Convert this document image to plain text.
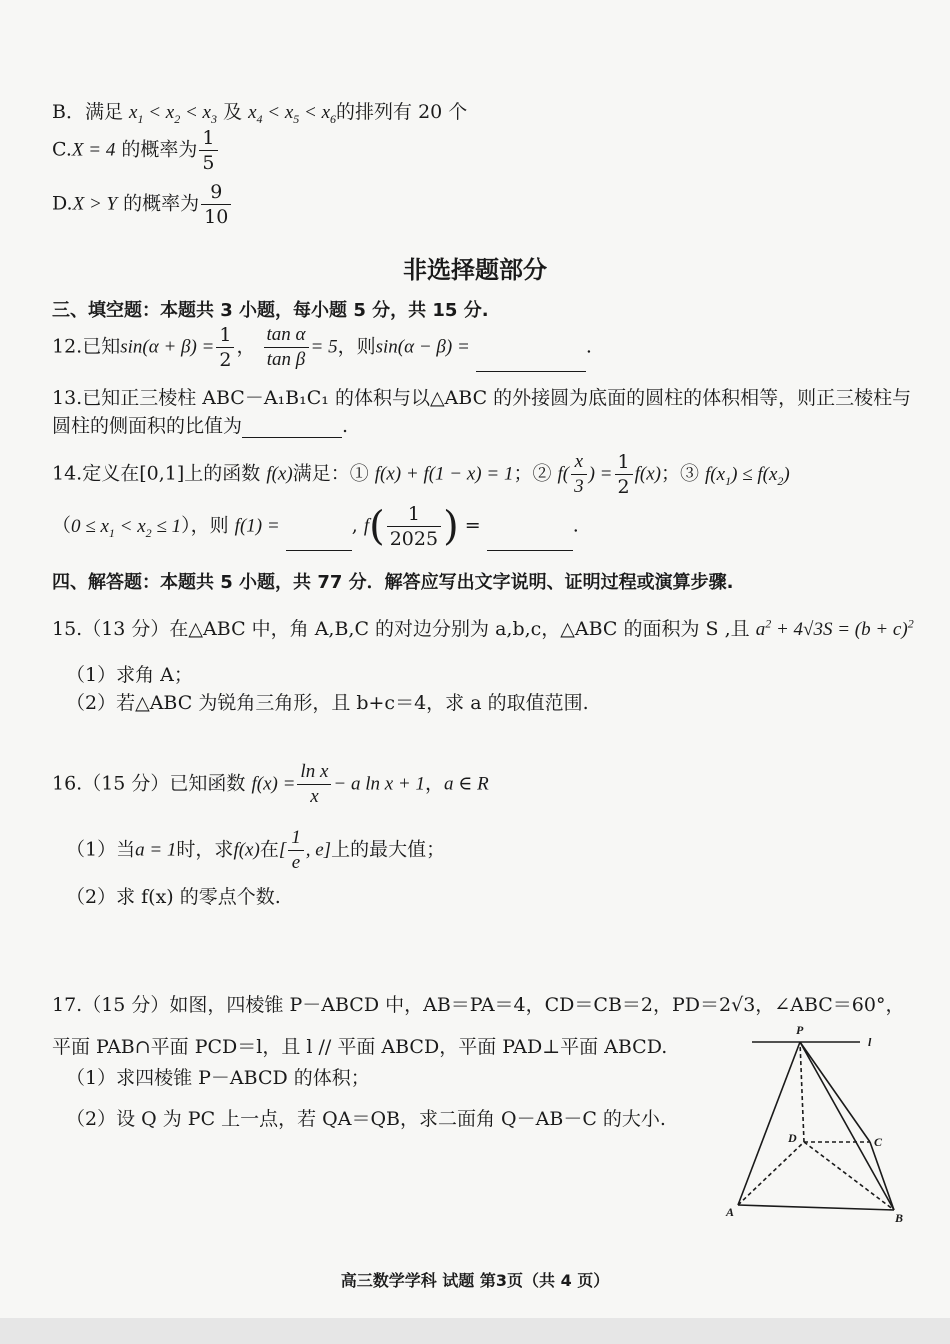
B．满足 $x_1 < x_2 < x_3$ 及 $x_4 < x_5 < x_6$的排列有 20 个
C.X = 4 的概率为 $\frac{1}{5}$
D.X > Y 的概率为 $\frac{9}{10}$
非选择题部分
三、填空题：本题共 3 小题，每小题 5 分，共 15 分.
12.已知$\sin(\alpha + \beta) = \frac{1}{2}$ ， $\frac{\text{tan α}}{\text{tan β}} = 5$，则sin(α − β) =	.
13.已知正三棱柱 ABC－A₁B₁C₁ 的体积与以△ABC 的外接圆为底面的圆柱的体积相等，则正三棱柱与
圆柱的侧面积的比值为	.
14.定义在[0,1]上的函数 f(x)满足：① f(x) + f(1 − x) = 1；② $f( \frac{x}{3}$ ) = $\frac{1}{2} f(x)$；③ $f(x_1) \le f(x_2)$
$(0 \le x_1 < x_2 \le 1)$，则 f(1) =	, $f( \frac{1}{2025}$ ) =	.
四、解答题：本题共 5 小题，共 77 分．解答应写出文字说明、证明过程或演算步骤.
15.（13 分）在△ABC 中，角 A,B,C 的对边分别为 a,b,c，△ABC 的面积为 S ,且 $a^2 + 4√3S = (b + c)^2$
（1）求角 A；
（2）若△ABC 为锐角三角形，且 b+c＝4，求 a 的取值范围.
16.（15 分）已知函数 $f(x) = \frac{\text{ln x}}{x} - a$ ln x + 1，a ∈ R
（1）当a = 1时，求f(x)在[ $\frac{1}{e}$ , e]上的最大值；
（2）求 f(x) 的零点个数.
17.（15 分）如图，四棱锥 P－ABCD 中，AB＝PA＝4，CD＝CB＝2，PD＝2√3，∠ABC＝60°，
平面 PAB∩平面 PCD＝l，且 l // 平面 ABCD，平面 PAD⊥平面 ABCD.
（1）求四棱锥 P－ABCD 的体积；
（2）设 Q 为 PC 上一点，若 QA＝QB，求二面角 Q－AB－C 的大小.
P
l
D	C
A	B
高三数学学科 试题 第3页（共 4 页）
